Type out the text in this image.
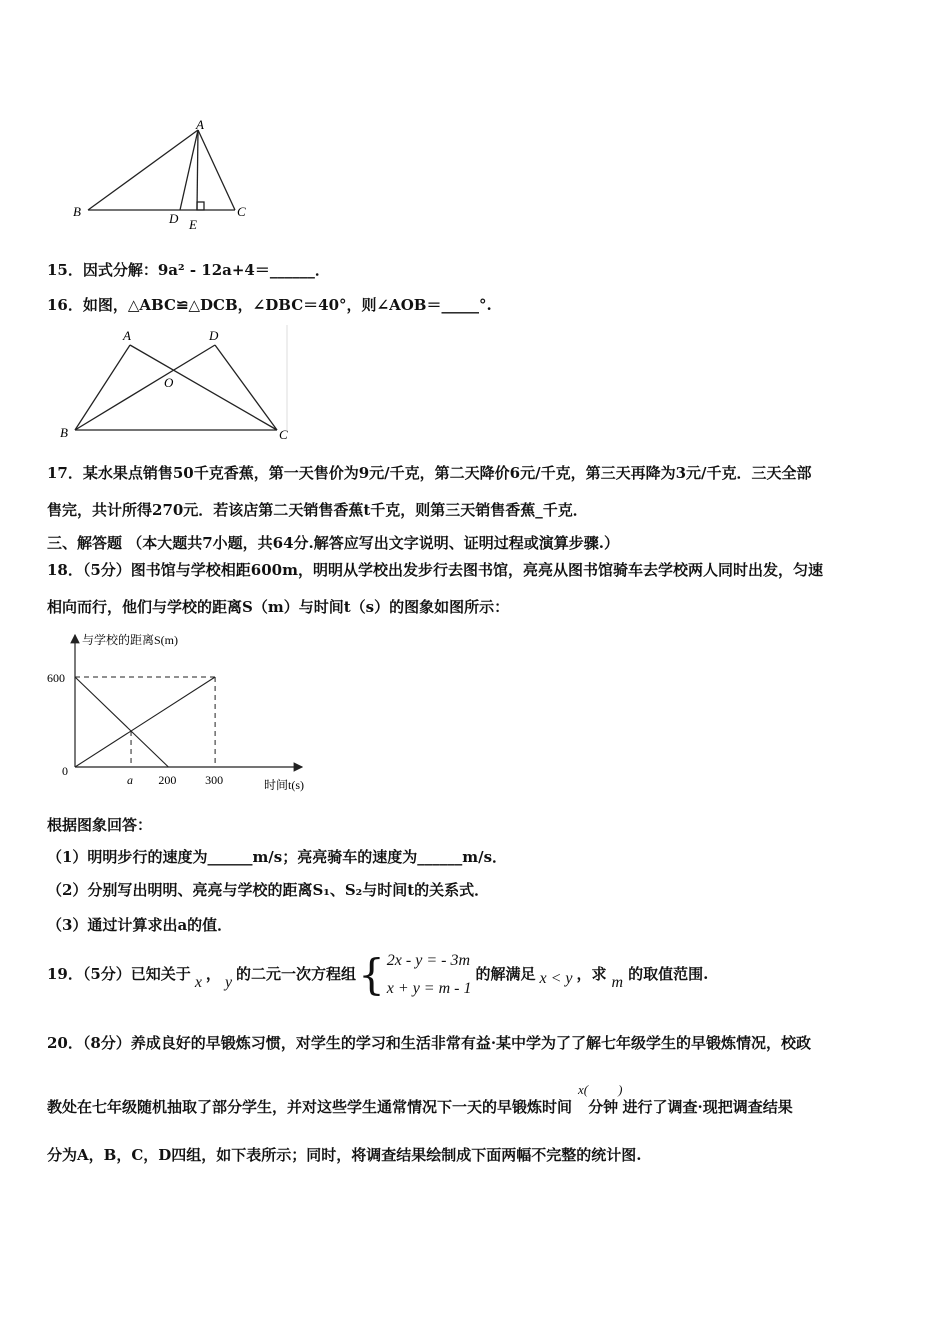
A
B	D E
C
15．因式分解：9a² - 12a+4＝______．
16．如图，△ABC≌△DCB，∠DBC＝40°，则∠AOB＝_____°.
A	D
O
B	C
17．某水果点销售50千克香蕉，第一天售价为9元/千克，第二天降价6元/千克，第三天再降为3元/千克．三天全部
售完，共计所得270元．若该店第二天销售香蕉t千克，则第三天销售香蕉_千克．
三、解答题 （本大题共7小题，共64分.解答应写出文字说明、证明过程或演算步骤.）
18．（5分）图书馆与学校相距600m，明明从学校出发步行去图书馆，亮亮从图书馆骑车去学校两人同时出发，匀速
相向而行，他们与学校的距离S（m）与时间t（s）的图象如图所示：
a 200 300
600
与学校的距离S(m)
时间t(s)
0
根据图象回答：
（1）明明步行的速度为______m/s；亮亮骑车的速度为______m/s．
（2）分别写出明明、亮亮与学校的距离S₁、S₂与时间t的关系式．
（3）通过计算求出a的值．
19．（5分）已知关于 x ， y 的二元一次方程组 { 2x - y = - 3m
x + y = m - 1
的解满足 x < y ，求 m 的取值范围.
20．（8分）养成良好的早锻炼习惯，对学生的学习和生活非常有益·某中学为了了解七年级学生的早锻炼情况，校政
教处在七年级随机抽取了部分学生，并对这些学生通常情况下一天的早锻炼时间x(分钟)进行了调查·现把调查结果
分为A，B，C，D四组，如下表所示；同时，将调查结果绘制成下面两幅不完整的统计图.
